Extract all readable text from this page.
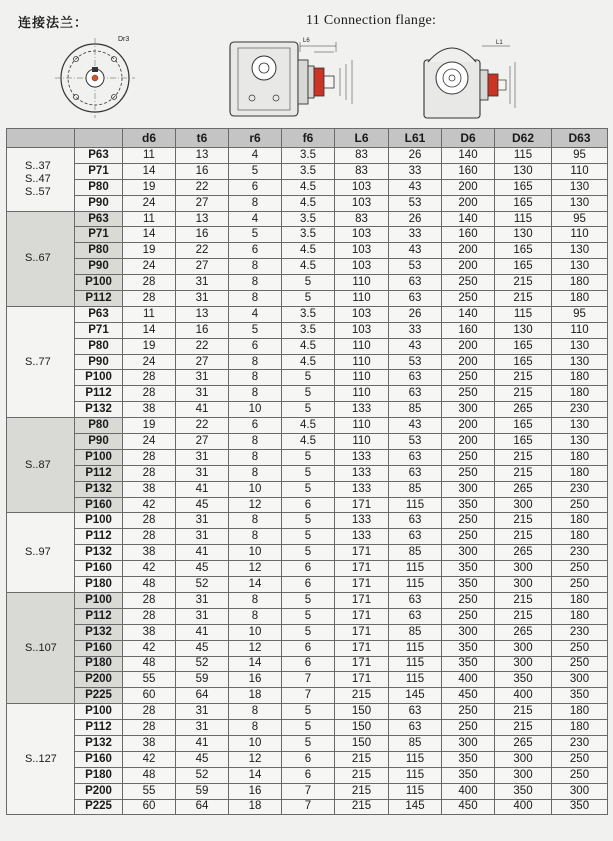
连接法兰：	11 Connection flange:
Dr3	L6	L1
		d6	t6	r6	f6	L6	L61	D6	D62	D63

S..37
S..47
S..57	P63	11	13	4	3.5	83	26	140	115	95
	P71	14	16	5	3.5	83	33	160	130	110
	P80	19	22	6	4.5	103	43	200	165	130
	P90	24	27	8	4.5	103	53	200	165	130

S..67	P63	11	13	4	3.5	83	26	140	115	95
	P71	14	16	5	3.5	103	33	160	130	110
	P80	19	22	6	4.5	103	43	200	165	130
	P90	24	27	8	4.5	103	53	200	165	130
	P100	28	31	8	5	110	63	250	215	180
	P112	28	31	8	5	110	63	250	215	180

S..77	P63	11	13	4	3.5	103	26	140	115	95
	P71	14	16	5	3.5	103	33	160	130	110
	P80	19	22	6	4.5	110	43	200	165	130
	P90	24	27	8	4.5	110	53	200	165	130
	P100	28	31	8	5	110	63	250	215	180
	P112	28	31	8	5	110	63	250	215	180
	P132	38	41	10	5	133	85	300	265	230

S..87	P80	19	22	6	4.5	110	43	200	165	130
	P90	24	27	8	4.5	110	53	200	165	130
	P100	28	31	8	5	133	63	250	215	180
	P112	28	31	8	5	133	63	250	215	180
	P132	38	41	10	5	133	85	300	265	230
	P160	42	45	12	6	171	115	350	300	250

S..97	P100	28	31	8	5	133	63	250	215	180
	P112	28	31	8	5	133	63	250	215	180
	P132	38	41	10	5	171	85	300	265	230
	P160	42	45	12	6	171	115	350	300	250
	P180	48	52	14	6	171	115	350	300	250

S..107	P100	28	31	8	5	171	63	250	215	180
	P112	28	31	8	5	171	63	250	215	180
	P132	38	41	10	5	171	85	300	265	230
	P160	42	45	12	6	171	115	350	300	250
	P180	48	52	14	6	171	115	350	300	250
	P200	55	59	16	7	171	115	400	350	300
	P225	60	64	18	7	215	145	450	400	350

S..127	P100	28	31	8	5	150	63	250	215	180
	P112	28	31	8	5	150	63	250	215	180
	P132	38	41	10	5	150	85	300	265	230
	P160	42	45	12	6	215	115	350	300	250
	P180	48	52	14	6	215	115	350	300	250
	P200	55	59	16	7	215	115	400	350	300
	P225	60	64	18	7	215	145	450	400	350
